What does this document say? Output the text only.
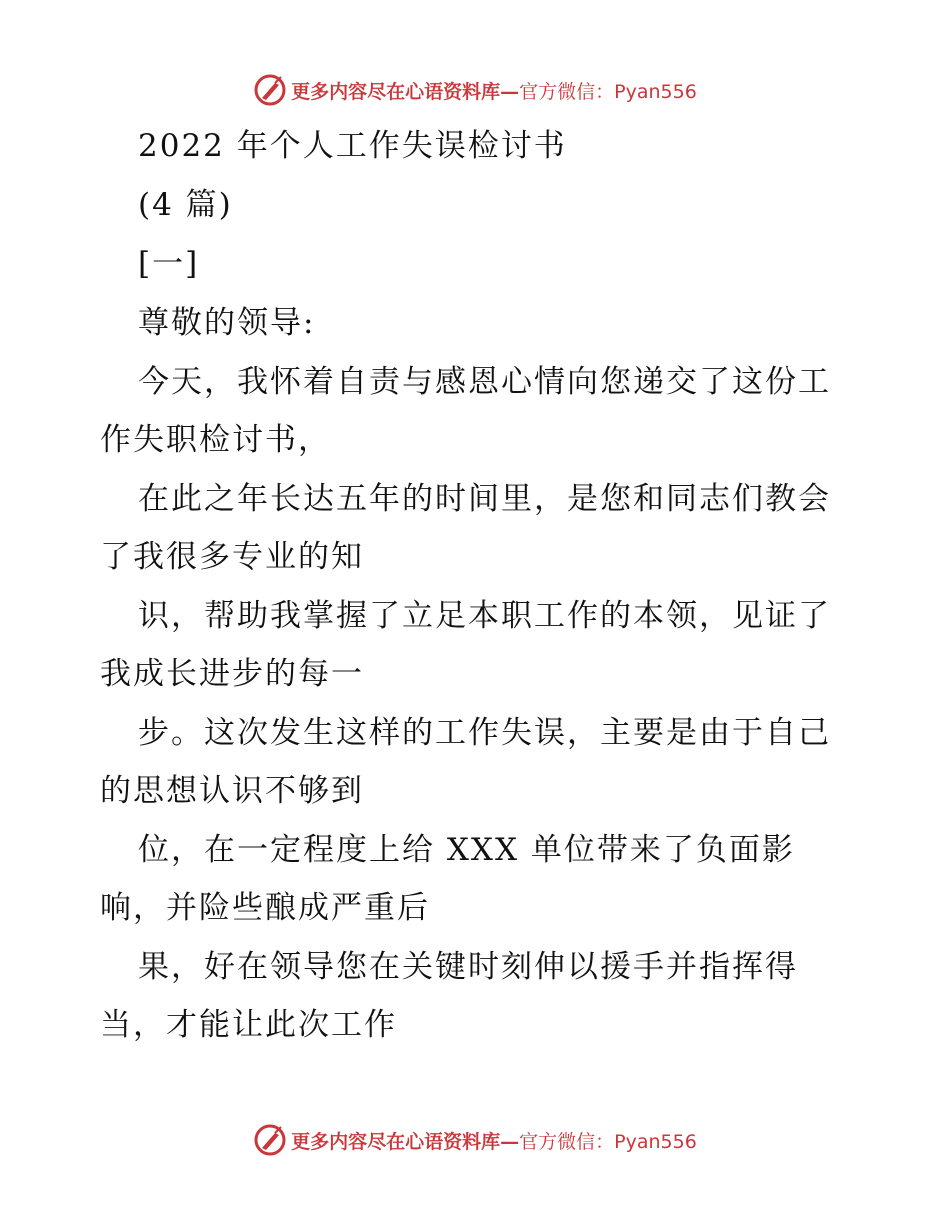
更多内容尽在心语资料库— 官方微信：Pyan556
2022 年个人工作失误检讨书
(4 篇)
[一]
尊敬的领导:
今天，我怀着自责与感恩心情向您递交了这份工
作失职检讨书，
在此之年长达五年的时间里，是您和同志们教会
了我很多专业的知
识，帮助我掌握了立足本职工作的本领，见证了
我成长进步的每一
步。这次发生这样的工作失误，主要是由于自己
的思想认识不够到
位，在一定程度上给 XXX 单位带来了负面影
响，并险些酿成严重后
果，好在领导您在关键时刻伸以援手并指挥得
当，才能让此次工作
更多内容尽在心语资料库— 官方微信：Pyan556
